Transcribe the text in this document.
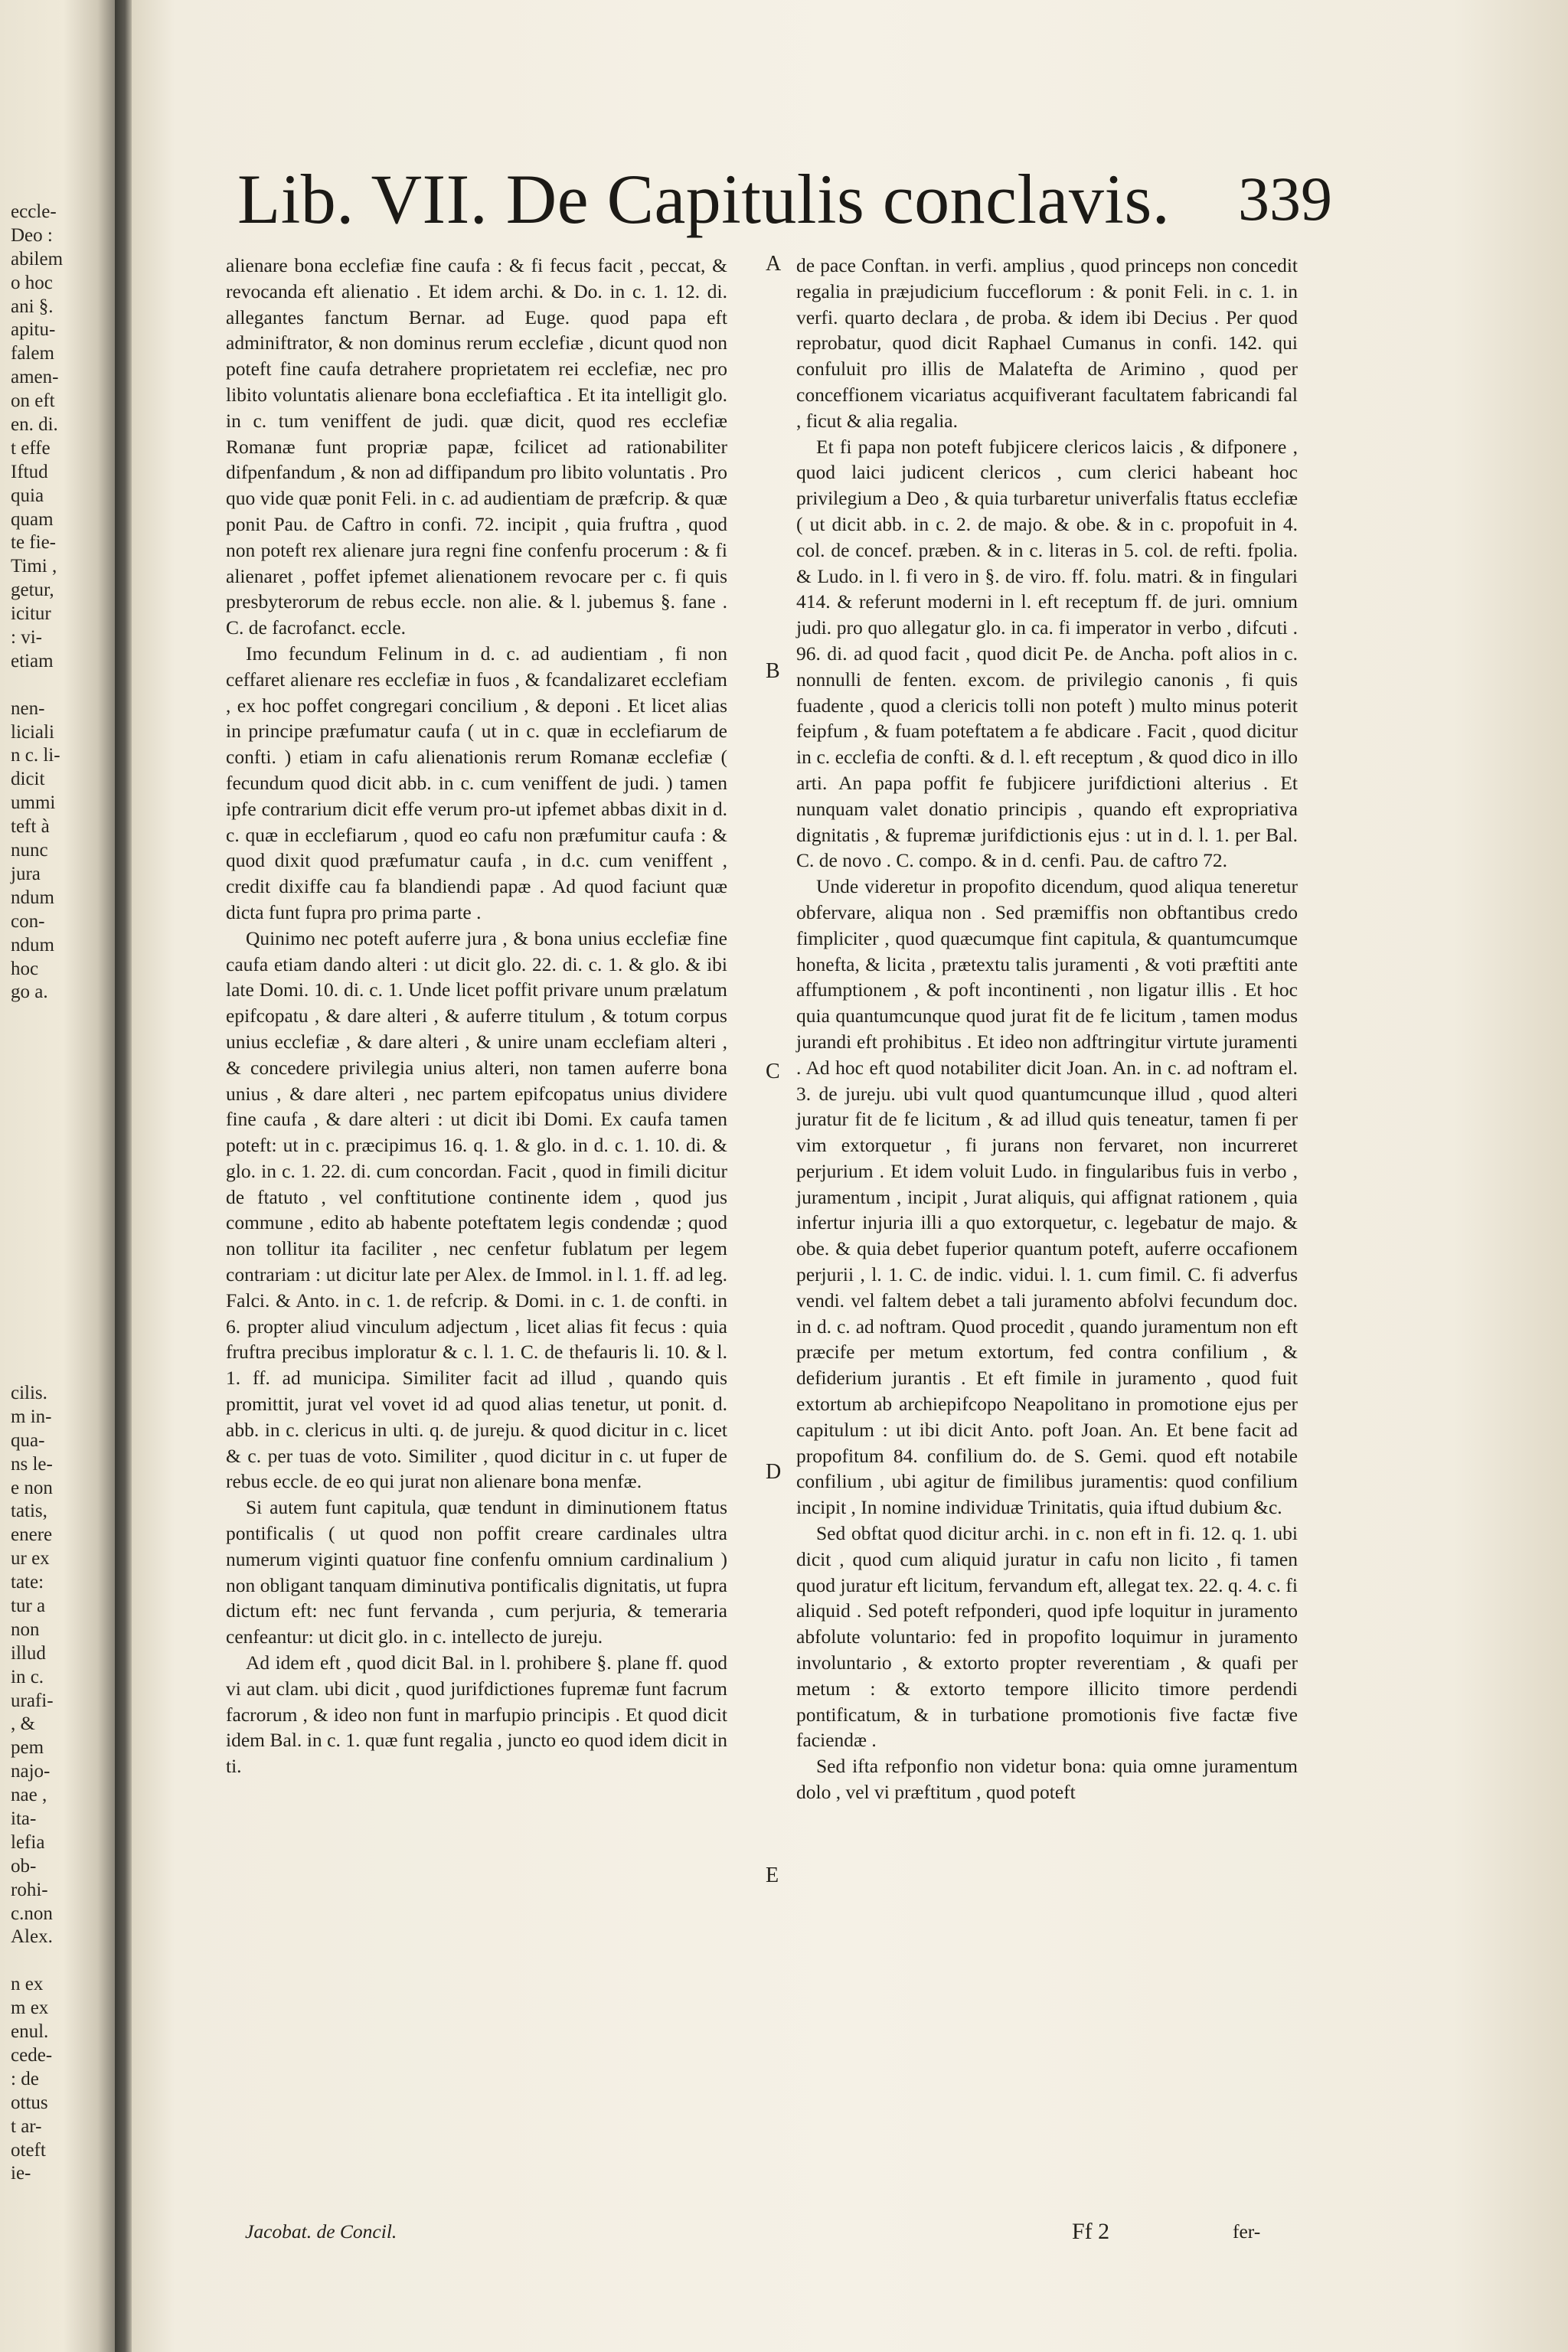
ecclе-
Deo :
abilem
o hoc
ani §.
apitu-
falem
amen-
on eft
en. di.
t effe
Iftud
quia
quam
te fie-
Timi ,
getur,
icitur
: vi-
etiam
nen-
liciali
n c. li-
dicit
ummi
teft à
nunc
jura
ndum
con-
ndum
hoc
go a.
cilis.
m in-
quа-
ns le-
e non
tatis,
enere
ur ex
tate:
tur a
non
illud
in c.
urafi-
, &
pem
najo-
nae ,
ita-
lefia
ob-
rohi-
c.non
Alex.
n ex
m ex
enul.
cede-
: de
ottus
t ar-
oteft
ie-
Lib. VII. De Capitulis conclavis. 339

alienare bona ecclefiæ fine caufa : & fi fecus facit , peccat, & revocanda eft alienatio . Et idem archi. & Do. in c. 1. 12. di. allegantes fanctum Bernar. ad Euge. quod papa eft adminiftrator, & non dominus rerum ecclefiæ , dicunt quod non poteft fine caufa detrahere proprietatem rei ecclefiæ, nec pro libito voluntatis alienare bona ecclefiaftica . Et ita intelligit glo. in c. tum veniffent de judi. quæ dicit, quod res ecclefiæ Romanæ funt propriæ papæ, fcilicet ad rationabiliter difpenfandum , & non ad diffipandum pro libito voluntatis . Pro quo vide quæ ponit Feli. in c. ad audientiam de præfcrip. & quæ ponit Pau. de Caftro in confi. 72. incipit , quia fruftra , quod non poteft rex alienare jura regni fine confenfu procerum : & fi alienaret , poffet ipfemet alienationem revocare per c. fi quis presbyterorum de rebus eccle. non alie. & l. jubemus §. fane . C. de facrofanct. eccle.

Imo fecundum Felinum in d. c. ad audientiam , fi non ceffaret alienare res ecclefiæ in fuos , & fcandalizaret ecclefiam , ex hoc poffet congregari concilium , & deponi . Et licet alias in principe præfumatur caufa ( ut in c. quæ in ecclefiarum de confti. ) etiam in cafu alienationis rerum Romanæ ecclefiæ ( fecundum quod dicit abb. in c. cum veniffent de judi. ) tamen ipfe contrarium dicit effe verum pro-ut ipfemet abbas dixit in d. c. quæ in ecclefiarum , quod eo cafu non præfumitur caufa : & quod dixit quod præfumatur caufa , in d.c. cum veniffent , credit dixiffe cau fa blandiendi papæ . Ad quod faciunt quæ dicta funt fupra pro prima parte .

Quinimo nec poteft auferre jura , & bona unius ecclefiæ fine caufa etiam dando alteri : ut dicit glo. 22. di. c. 1. & glo. & ibi late Domi. 10. di. c. 1. Unde licet poffit privare unum prælatum epifcopatu , & dare alteri , & auferre titulum , & totum corpus unius ecclefiæ , & dare alteri , & unire unam ecclefiam alteri , & concedere privilegia unius alteri, non tamen auferre bona unius , & dare alteri , nec partem epifcopatus unius dividere fine caufa , & dare alteri : ut dicit ibi Domi. Ex caufa tamen poteft: ut in c. præcipimus 16. q. 1. & glo. in d. c. 1. 10. di. & glo. in c. 1. 22. di. cum concordan. Facit , quod in fimili dicitur de ftatuto , vel conftitutione continente idem , quod jus commune , edito ab habente poteftatem legis condendæ ; quod non tollitur ita faciliter , nec cenfetur fublatum per legem contrariam : ut dicitur late per Alex. de Immol. in l. 1. ff. ad leg. Falci. & Anto. in c. 1. de refcrip. & Domi. in c. 1. de confti. in 6. propter aliud vinculum adjectum , licet alias fit fecus : quia fruftra precibus imploratur & c. l. 1. C. de thefauris li. 10. & l. 1. ff. ad municipa. Similiter facit ad illud , quando quis promittit, jurat vel vovet id ad quod alias tenetur, ut ponit. d. abb. in c. clericus in ulti. q. de jureju. & quod dicitur in c. licet & c. per tuas de voto. Similiter , quod dicitur in c. ut fuper de rebus eccle. de eo qui jurat non alienare bona menfæ.

Si autem funt capitula, quæ tendunt in diminutionem ftatus pontificalis ( ut quod non poffit creare cardinales ultra numerum viginti quatuor fine confenfu omnium cardinalium ) non obligant tanquam diminutiva pontificalis dignitatis, ut fupra dictum eft: nec funt fervanda , cum perjuria, & temeraria cenfeantur: ut dicit glo. in c. intellecto de jureju.

Ad idem eft , quod dicit Bal. in l. prohibere §. plane ff. quod vi aut clam. ubi dicit , quod jurifdictiones fupremæ funt facrum facrorum , & ideo non funt in marfupio principis . Et quod dicit idem Bal. in c. 1. quæ funt regalia , juncto eo quod idem dicit in ti.

A
B
C
D
E

de pace Conftan. in verfi. amplius , quod princeps non concedit regalia in præjudicium fucceflorum : & ponit Feli. in c. 1. in verfi. quarto declara , de proba. & idem ibi Decius . Per quod reprobatur, quod dicit Raphael Cumanus in confi. 142. qui confuluit pro illis de Malatefta de Arimino , quod per conceffionem vicariatus acquifiverant facultatem fabricandi fal , ficut & alia regalia.

Et fi papa non poteft fubjicere clericos laicis , & difponere , quod laici judicent clericos , cum clerici habeant hoc privilegium a Deo , & quia turbaretur univerfalis ftatus ecclefiæ ( ut dicit abb. in c. 2. de majo. & obe. & in c. propofuit in 4. col. de concef. præben. & in c. literas in 5. col. de refti. fpolia. & Ludo. in l. fi vero in §. de viro. ff. folu. matri. & in fingulari 414. & referunt moderni in l. eft receptum ff. de juri. omnium judi. pro quo allegatur glo. in ca. fi imperator in verbo , difcuti . 96. di. ad quod facit , quod dicit Pe. de Ancha. poft alios in c. nonnulli de fenten. excom. de privilegio canonis , fi quis fuadente , quod a clericis tolli non poteft ) multo minus poterit feipfum , & fuam poteftatem a fe abdicare . Facit , quod dicitur in c. ecclefia de confti. & d. l. eft receptum , & quod dico in illo arti. An papa poffit fe fubjicere jurifdictioni alterius . Et nunquam valet donatio principis , quando eft expropriativa dignitatis , & fupremæ jurifdictionis ejus : ut in d. l. 1. per Bal. C. de novo . C. compo. & in d. cenfi. Pau. de caftro 72.

Unde videretur in propofito dicendum, quod aliqua teneretur obfervare, aliqua non . Sed præmiffis non obftantibus credo fimpliciter , quod quæcumque fint capitula, & quantumcumque honefta, & licita , prætextu talis juramenti , & voti præftiti ante affumptionem , & poft incontinenti , non ligatur illis . Et hoc quia quantumcunque quod jurat fit de fe licitum , tamen modus jurandi eft prohibitus . Et ideo non adftringitur virtute juramenti . Ad hoc eft quod notabiliter dicit Joan. An. in c. ad noftram el. 3. de jureju. ubi vult quod quantumcunque illud , quod alteri juratur fit de fe licitum , & ad illud quis teneatur, tamen fi per vim extorquetur , fi jurans non fervaret, non incurreret perjurium . Et idem voluit Ludo. in fingularibus fuis in verbo , juramentum , incipit , Jurat aliquis, qui affignat rationem , quia infertur injuria illi a quo extorquetur, c. legebatur de majo. & obe. & quia debet fuperior quantum poteft, auferre occafionem perjurii , l. 1. C. de indic. vidui. l. 1. cum fimil. C. fi adverfus vendi. vel faltem debet a tali juramento abfolvi fecundum doc. in d. c. ad noftram. Quod procedit , quando juramentum non eft præcife per metum extortum, fed contra confilium , & defiderium jurantis . Et eft fimile in juramento , quod fuit extortum ab archiepifcopo Neapolitano in promotione ejus per capitulum : ut ibi dicit Anto. poft Joan. An. Et bene facit ad propofitum 84. confilium do. de S. Gemi. quod eft notabile confilium , ubi agitur de fimilibus juramentis: quod confilium incipit , In nomine individuæ Trinitatis, quia iftud dubium &c.

Sed obftat quod dicitur archi. in c. non eft in fi. 12. q. 1. ubi dicit , quod cum aliquid juratur in cafu non licito , fi tamen quod juratur eft licitum, fervandum eft, allegat tex. 22. q. 4. c. fi aliquid . Sed poteft refponderi, quod ipfe loquitur in juramento abfolute voluntario: fed in propofito loquimur in juramento involuntario , & extorto propter reverentiam , & quafi per metum : & extorto tempore illicito timore perdendi pontificatum, & in turbatione promotionis five factæ five faciendæ .

Sed ifta refponfio non videtur bona: quia omne juramentum dolo , vel vi præftitum , quod poteft

Jacobat. de Concil.	Ff 2	fer-
